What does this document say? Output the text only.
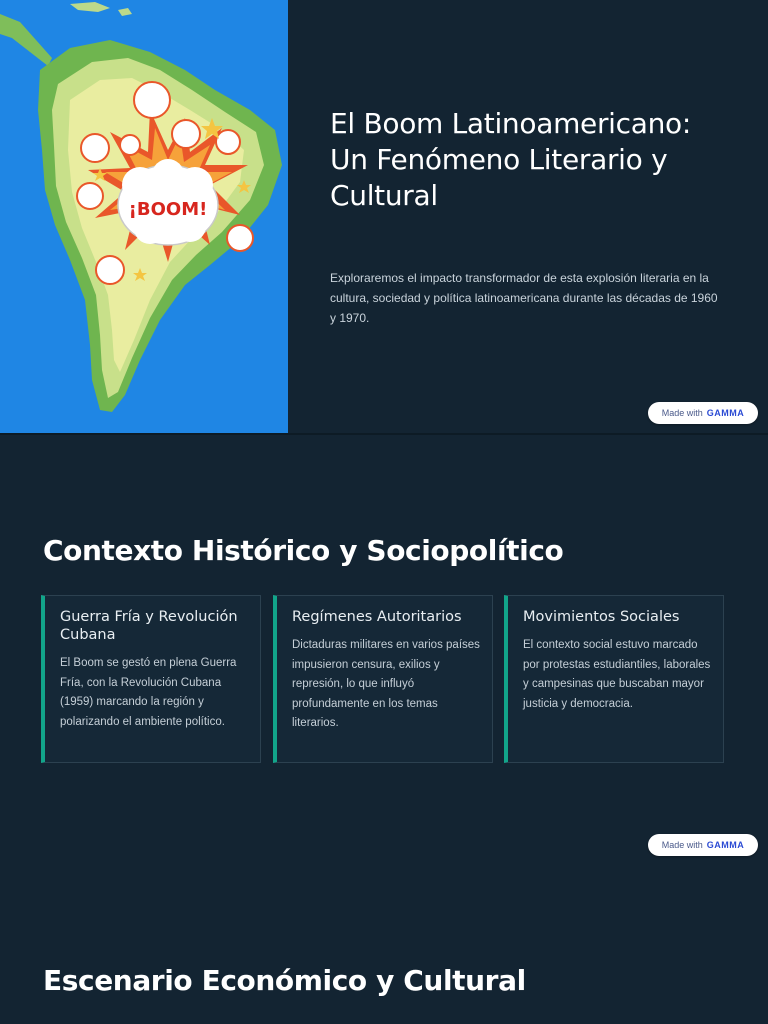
¡BOOM!
El Boom Latinoamericano: Un Fenómeno Literario y Cultural

Exploraremos el impacto transformador de esta explosión literaria en la cultura, sociedad y política latinoamericana durante las décadas de 1960 y 1970.

Made with GAMMA
Contexto Histórico y Sociopolítico
Guerra Fría y Revolución Cubana
El Boom se gestó en plena Guerra Fría, con la Revolución Cubana (1959) marcando la región y polarizando el ambiente político.
Regímenes Autoritarios
Dictaduras militares en varios países impusieron censura, exilios y represión, lo que influyó profundamente en los temas literarios.
Movimientos Sociales
El contexto social estuvo marcado por protestas estudiantiles, laborales y campesinas que buscaban mayor justicia y democracia.
Made with GAMMA
Escenario Económico y Cultural
